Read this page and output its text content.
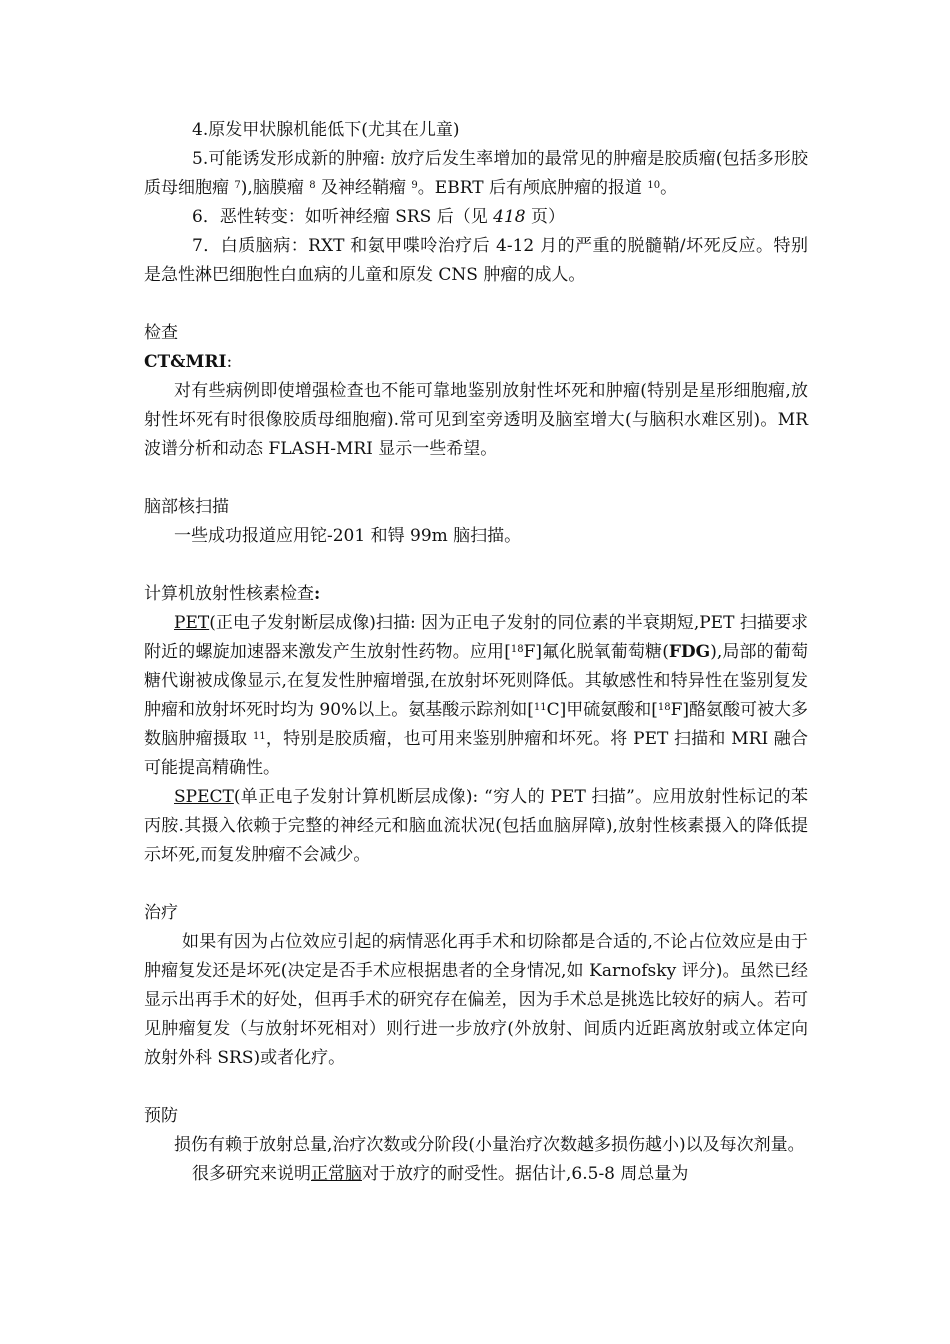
4.原发甲状腺机能低下(尤其在儿童)

5.可能诱发形成新的肿瘤: 放疗后发生率增加的最常见的肿瘤是胶质瘤(包括多形胶质母细胞瘤 $^7$),脑膜瘤 $^8$ 及神经鞘瘤 $^9$。EBRT 后有颅底肿瘤的报道 $^{10}$。

6．恶性转变：如听神经瘤 SRS 后（见 418 页）

7．白质脑病：RXT 和氨甲喋呤治疗后 4-12 月的严重的脱髓鞘/坏死反应。特别是急性淋巴细胞性白血病的儿童和原发 CNS 肿瘤的成人。

检查

CT&MRI:

对有些病例即使增强检查也不能可靠地鉴别放射性坏死和肿瘤(特别是星形细胞瘤,放射性坏死有时很像胶质母细胞瘤).常可见到室旁透明及脑室增大(与脑积水难区别)。MR 波谱分析和动态 FLASH-MRI 显示一些希望。

脑部核扫描

一些成功报道应用铊-201 和锝 99m 脑扫描。

计算机放射性核素检查:

PET(正电子发射断层成像)扫描: 因为正电子发射的同位素的半衰期短,PET 扫描要求 附近的螺旋加速器来激发产生放射性药物。应用[$^{18}$F]氟化脱氧葡萄糖(FDG),局部的葡萄糖代谢被成像显示,在复发性肿瘤增强,在放射坏死则降低。其敏感性和特异性在鉴别复发肿瘤和放射坏死时均为 90%以上。氨基酸示踪剂如[$^{11}$C]甲硫氨酸和[$^{18}$F]酪氨酸可被大多数脑肿瘤摄取 $^{11}$，特别是胶质瘤，也可用来鉴别肿瘤和坏死。将 PET 扫描和 MRI 融合可能提高精确性。

SPECT(单正电子发射计算机断层成像): “穷人的 PET 扫描”。应用放射性标记的苯丙胺.其摄入依赖于完整的神经元和脑血流状况(包括血脑屏障),放射性核素摄入的降低提示坏死,而复发肿瘤不会减少。

治疗

如果有因为占位效应引起的病情恶化再手术和切除都是合适的,不论占位效应是由于肿瘤复发还是坏死(决定是否手术应根据患者的全身情况,如 Karnofsky 评分)。虽然已经显示出再手术的好处，但再手术的研究存在偏差，因为手术总是挑选比较好的病人。若可见肿瘤复发（与放射坏死相对）则行进一步放疗(外放射、间质内近距离放射或立体定向放射外科 SRS)或者化疗。

预防

损伤有赖于放射总量,治疗次数或分阶段(小量治疗次数越多损伤越小)以及每次剂量。

很多研究来说明正常脑对于放疗的耐受性。据估计,6.5-8 周总量为
